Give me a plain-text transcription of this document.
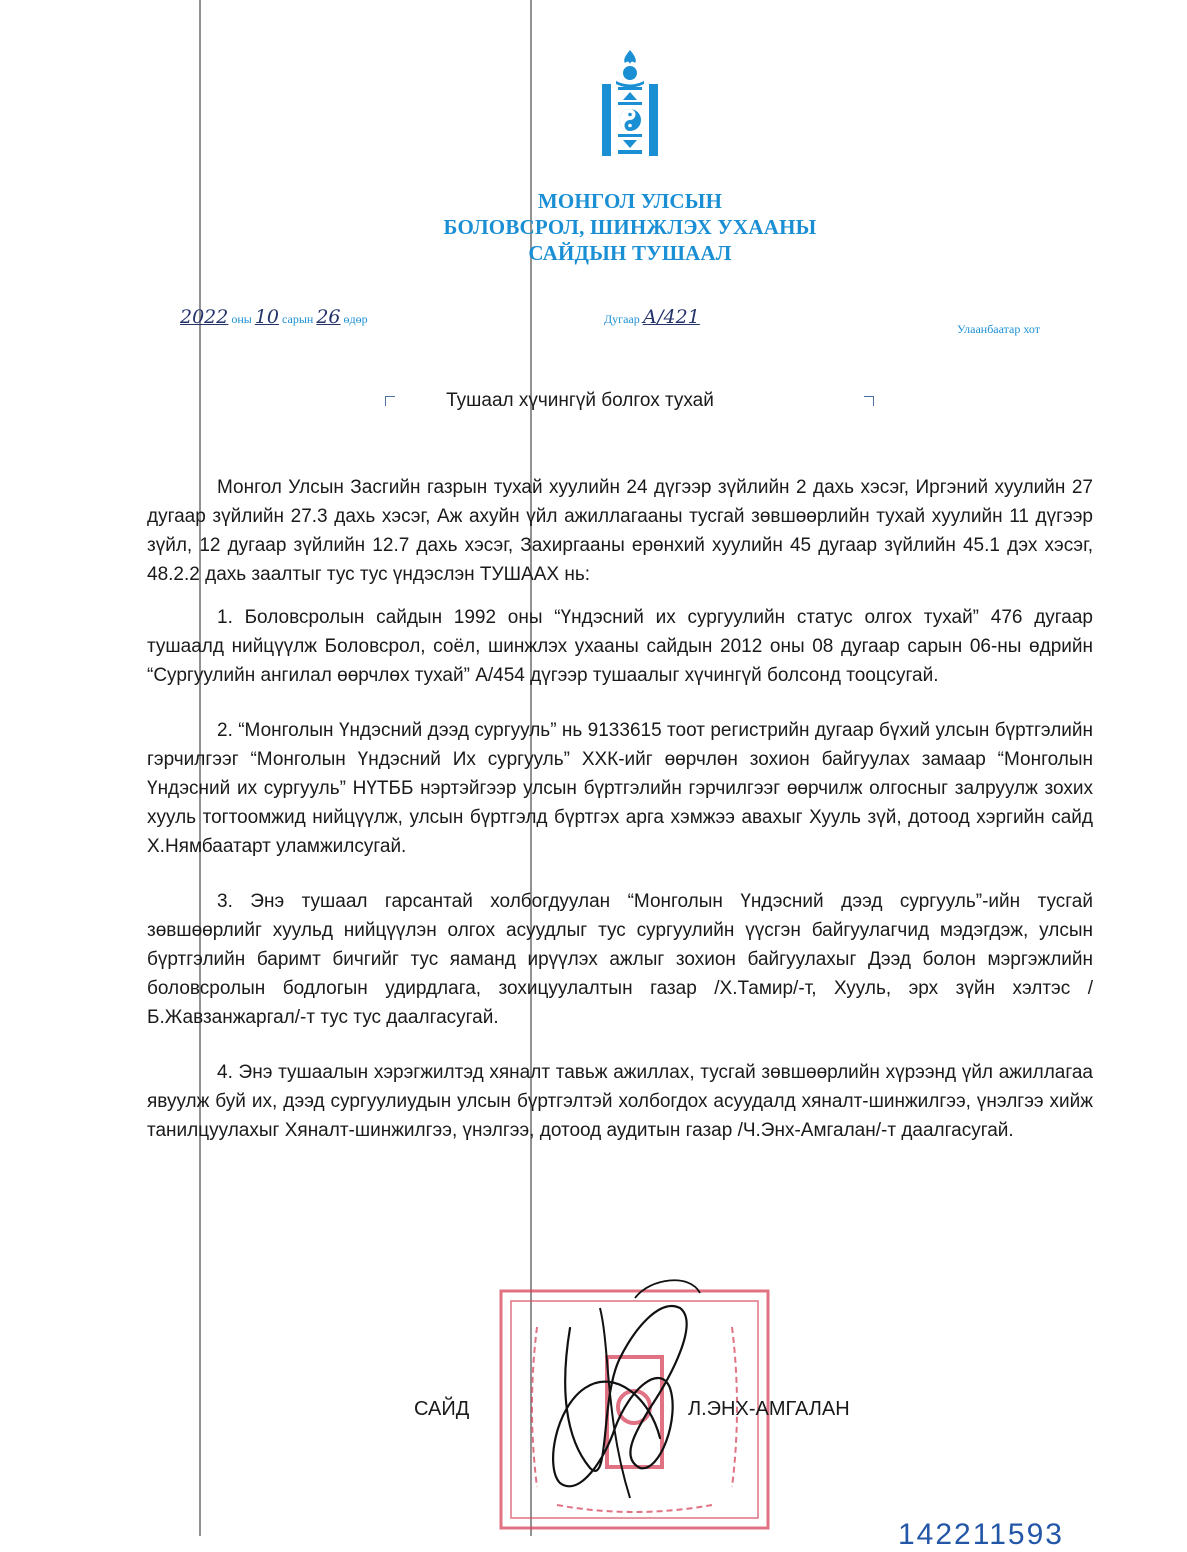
МОНГОЛ УЛСЫН
БОЛОВСРОЛ, ШИНЖЛЭХ УХААНЫ
САЙДЫН ТУШААЛ
2022 оны 10 сарын 26 өдөр	Дугаар А/421
Улаанбаатар хот
Тушаал хүчингүй болгох тухай

Монгол Улсын Засгийн газрын тухай хуулийн 24 дүгээр зүйлийн 2 дахь хэсэг, Иргэний хуулийн 27 дугаар зүйлийн 27.3 дахь хэсэг, Аж ахуйн үйл ажиллагааны тусгай зөвшөөрлийн тухай хуулийн 11 дүгээр зүйл, 12 дугаар зүйлийн 12.7 дахь хэсэг, Захиргааны ерөнхий хуулийн 45 дугаар зүйлийн 45.1 дэх хэсэг, 48.2.2 дахь заалтыг тус тус үндэслэн ТУШААХ нь:

1. Боловсролын сайдын 1992 оны “Үндэсний их сургуулийн статус олгох тухай” 476 дугаар тушаалд нийцүүлж Боловсрол, соёл, шинжлэх ухааны сайдын 2012 оны 08 дугаар сарын 06-ны өдрийн “Сургуулийн ангилал өөрчлөх тухай” А/454 дүгээр тушаалыг хүчингүй болсонд тооцсугай.

2. “Монголын Үндэсний дээд сургууль” нь 9133615 тоот регистрийн дугаар бүхий улсын бүртгэлийн гэрчилгээг “Монголын Үндэсний Их сургууль” ХХК-ийг өөрчлөн зохион байгуулах замаар “Монголын Үндэсний их сургууль” НҮТББ нэртэйгээр улсын бүртгэлийн гэрчилгээг өөрчилж олгосныг залруулж зохих хууль тогтоомжид нийцүүлж, улсын бүртгэлд бүртгэх арга хэмжээ авахыг Хууль зүй, дотоод хэргийн сайд Х.Нямбаатарт уламжилсугай.

3. Энэ тушаал гарсантай холбогдуулан “Монголын Үндэсний дээд сургууль”-ийн тусгай зөвшөөрлийг хуульд нийцүүлэн олгох асуудлыг тус сургуулийн үүсгэн байгуулагчид мэдэгдэж, улсын бүртгэлийн баримт бичгийг тус яаманд ирүүлэх ажлыг зохион байгуулахыг Дээд болон мэргэжлийн боловсролын бодлогын удирдлага, зохицуулалтын газар /Х.Тамир/-т, Хууль, эрх зүйн хэлтэс /Б.Жавзанжаргал/-т тус тус даалгасугай.

4. Энэ тушаалын хэрэгжилтэд хяналт тавьж ажиллах, тусгай зөвшөөрлийн хүрээнд үйл ажиллагаа явуулж буй их, дээд сургуулиудын улсын бүртгэлтэй холбогдох асуудалд хяналт-шинжилгээ, үнэлгээ хийж танилцуулахыг Хяналт-шинжилгээ, үнэлгээ, дотоод аудитын газар /Ч.Энх-Амгалан/-т даалгасугай.

САЙД	Л.ЭНХ-АМГАЛАН
142211593
